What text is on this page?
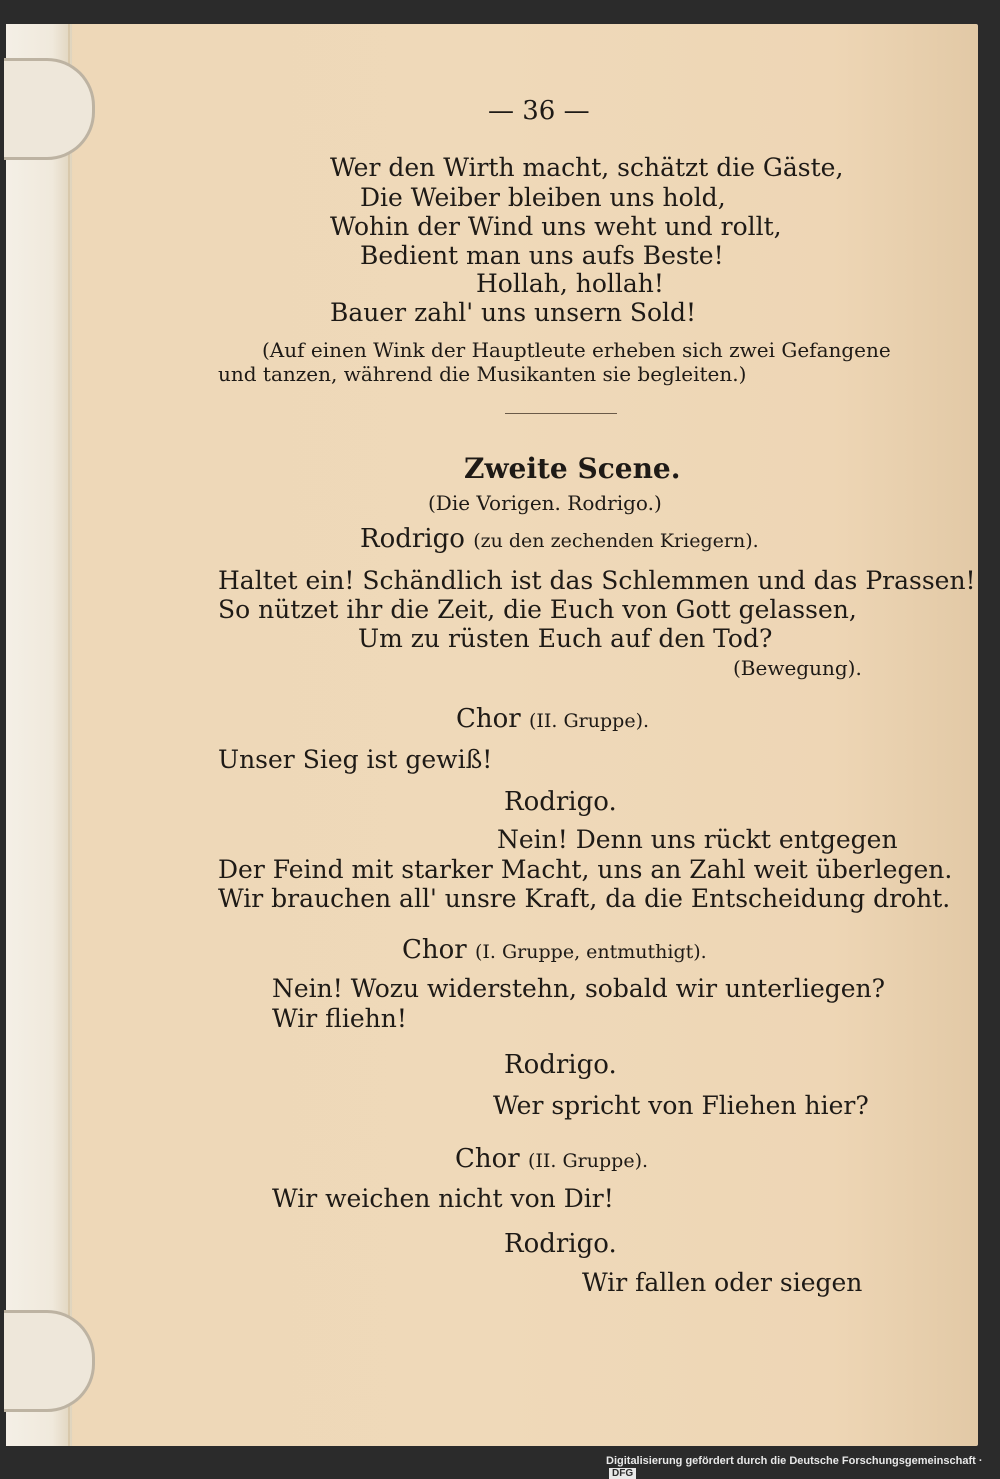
— 36 —
Wer den Wirth macht, schätzt die Gäste,
Die Weiber bleiben uns hold,
Wohin der Wind uns weht und rollt,
Bedient man uns aufs Beste!
Hollah, hollah!
Bauer zahl' uns unsern Sold!
(Auf einen Wink der Hauptleute erheben sich zwei Gefangene
und tanzen, während die Musikanten sie begleiten.)
Zweite Scene.
(Die Vorigen. Rodrigo.)
Rodrigo (zu den zechenden Kriegern).
Haltet ein! Schändlich ist das Schlemmen und das Prassen!
So nützet ihr die Zeit, die Euch von Gott gelassen,
Um zu rüsten Euch auf den Tod?
(Bewegung).
Chor (II. Gruppe).
Unser Sieg ist gewiß!
Rodrigo.
Nein! Denn uns rückt entgegen
Der Feind mit starker Macht, uns an Zahl weit überlegen.
Wir brauchen all' unsre Kraft, da die Entscheidung droht.
Chor (I. Gruppe, entmuthigt).
Nein! Wozu widerstehn, sobald wir unterliegen?
Wir fliehn!
Rodrigo.
Wer spricht von Fliehen hier?
Chor (II. Gruppe).
Wir weichen nicht von Dir!
Rodrigo.
Wir fallen oder siegen
Digitalisierung gefördert durch die Deutsche Forschungsgemeinschaft ·DFG
